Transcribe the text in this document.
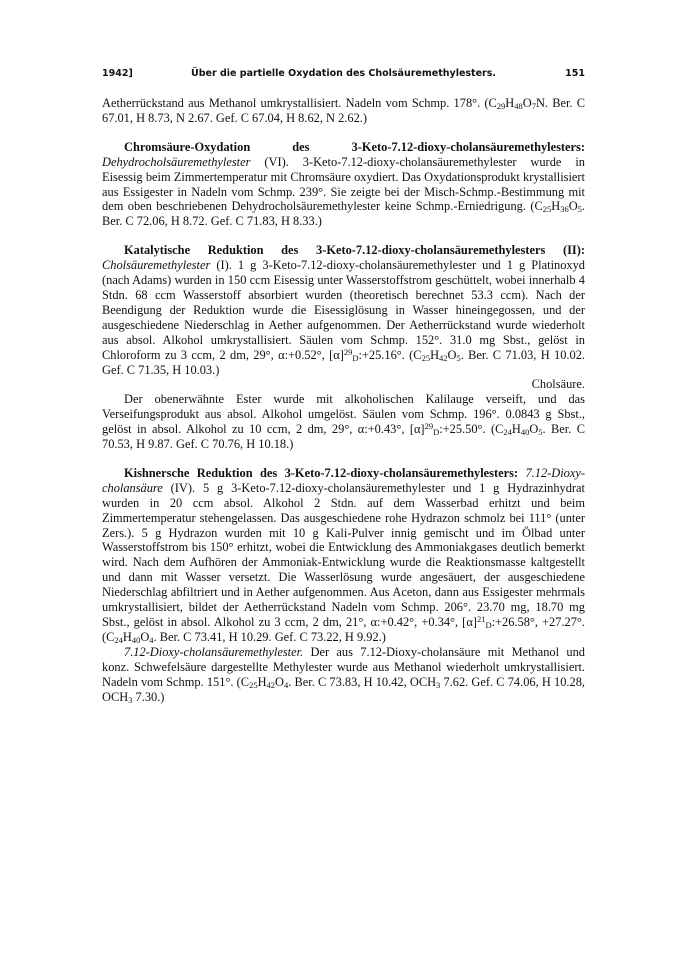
1942]	Über die partielle Oxydation des Cholsäuremethylesters.	151

Aetherrückstand aus Methanol umkrystallisiert. Nadeln vom Schmp. 178°. ($C_{29}H_{48}O_7N$. Ber. C 67.01, H 8.73, N 2.67. Gef. C 67.04, H 8.62, N 2.62.)

Chromsäure-Oxydation des 3-Keto-7.12-dioxy-cholansäuremethylesters: Dehydrocholsäuremethylester (VI). 3-Keto-7.12-dioxy-cholansäuremethylester wurde in Eisessig beim Zimmertemperatur mit Chromsäure oxydiert. Das Oxydationsprodukt krystallisiert aus Essigester in Nadeln vom Schmp. 239°. Sie zeigte bei der Misch-Schmp.-Bestimmung mit dem oben beschriebenen Dehydrocholsäuremethylester keine Schmp.-Erniedrigung. ($C_{25}H_{36}O_5$. Ber. C 72.06, H 8.72. Gef. C 71.83, H 8.33.)

Katalytische Reduktion des 3-Keto-7.12-dioxy-cholansäuremethylesters (II): Cholsäuremethylester (I). 1 g 3-Keto-7.12-dioxy-cholansäuremethylester und 1 g Platinoxyd (nach Adams) wurden in 150 ccm Eisessig unter Wasserstoffstrom geschüttelt, wobei innerhalb 4 Stdn. 68 ccm Wasserstoff absorbiert wurden (theoretisch berechnet 53.3 ccm). Nach der Beendigung der Reduktion wurde die Eisessiglösung in Wasser hineingegossen, und der ausgeschiedene Niederschlag in Aether aufgenommen. Der Aetherrückstand wurde wiederholt aus absol. Alkohol umkrystallisiert. Säulen vom Schmp. 152°. 31.0 mg Sbst., gelöst in Chloroform zu 3 ccm, 2 dm, 29°, α:+0.52°, $[\alpha]^{29}_D:+25.16^\circ$. ($C_{25}H_{42}O_5$. Ber. C 71.03, H 10.02. Gef. C 71.35, H 10.03.)
Cholsäure.

Der obenerwähnte Ester wurde mit alkoholischen Kalilauge verseift, und das Verseifungsprodukt aus absol. Alkohol umgelöst. Säulen vom Schmp. 196°. 0.0843 g Sbst., gelöst in absol. Alkohol zu 10 ccm, 2 dm, 29°, α:+0.43°, $[\alpha]^{29}_D:+25.50^\circ$. ($C_{24}H_{40}O_5$. Ber. C 70.53, H 9.87. Gef. C 70.76, H 10.18.)

Kishnersche Reduktion des 3-Keto-7.12-dioxy-cholansäuremethylesters: 7.12-Dioxy-cholansäure (IV). 5 g 3-Keto-7.12-dioxy-cholansäuremethylester und 1 g Hydrazinhydrat wurden in 20 ccm absol. Alkohol 2 Stdn. auf dem Wasserbad erhitzt und beim Zimmertemperatur stehengelassen. Das ausgeschiedene rohe Hydrazon schmolz bei 111° (unter Zers.). 5 g Hydrazon wurden mit 10 g Kali-Pulver innig gemischt und im Ölbad unter Wasserstoffstrom bis 150° erhitzt, wobei die Entwicklung des Ammoniakgases deutlich bemerkt wird. Nach dem Aufhören der Ammoniak-Entwicklung wurde die Reaktionsmasse kaltgestellt und dann mit Wasser versetzt. Die Wasserlösung wurde angesäuert, der ausgeschiedene Niederschlag abfiltriert und in Aether aufgenommen. Aus Aceton, dann aus Essigester mehrmals umkrystallisiert, bildet der Aetherrückstand Nadeln vom Schmp. 206°. 23.70 mg, 18.70 mg Sbst., gelöst in absol. Alkohol zu 3 ccm, 2 dm, 21°, α:+0.42°, +0.34°, $[\alpha]^{21}_D:+26.58^\circ$, +27.27°. ($C_{24}H_{40}O_4$. Ber. C 73.41, H 10.29. Gef. C 73.22, H 9.92.)

7.12-Dioxy-cholansäuremethylester. Der aus 7.12-Dioxy-cholansäure mit Methanol und konz. Schwefelsäure dargestellte Methylester wurde aus Methanol wiederholt umkrystallisiert. Nadeln vom Schmp. 151°. ($C_{25}H_{42}O_4$. Ber. C 73.83, H 10.42, $OCH_3$ 7.62. Gef. C 74.06, H 10.28, $OCH_3$ 7.30.)
